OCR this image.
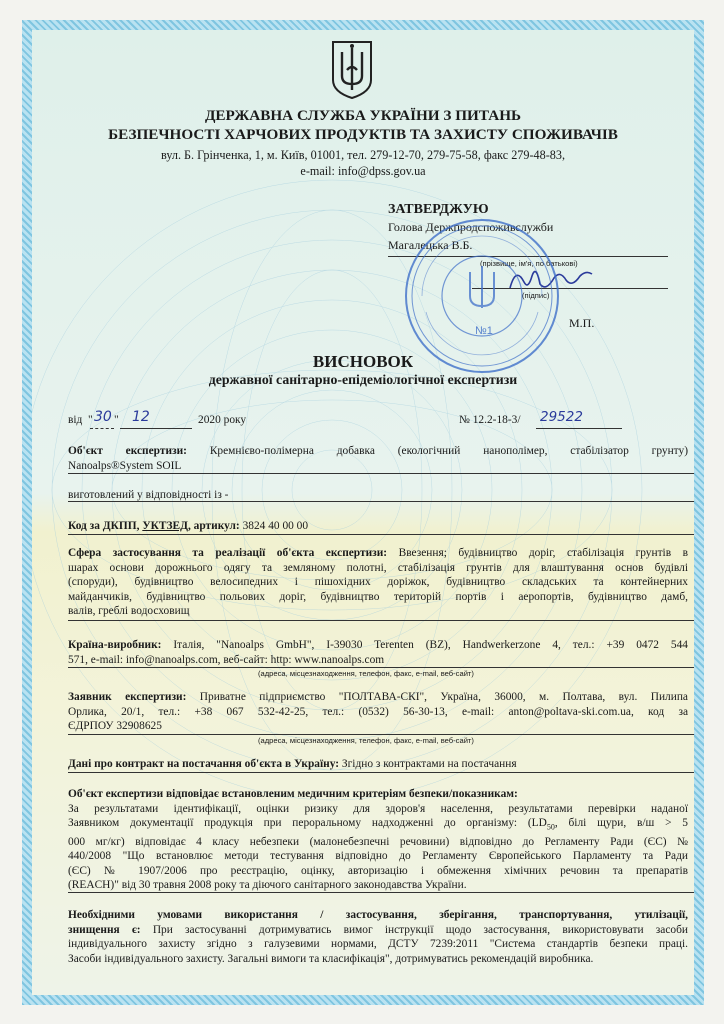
ДЕРЖАВНА СЛУЖБА УКРАЇНИ З ПИТАНЬ
БЕЗПЕЧНОСТІ ХАРЧОВИХ ПРОДУКТІВ ТА ЗАХИСТУ СПОЖИВАЧІВ
вул. Б. Грінченка, 1, м. Київ, 01001, тел. 279-12-70, 279-75-58, факс 279-48-83,
e-mail: info@dpss.gov.ua
ЗАТВЕРДЖУЮ
Голова Держпродспоживслужби
Магалецька В.Б.
(прізвище, ім'я, по батькові)
(підпис)
М.П.
№1
ВИСНОВОК
державної санітарно-епідеміологічної експертизи
від " 30 " 12	2020 року	№ 12.2-18-3/ 29522
Об'єкт експертизи: Кремнієво-полімерна добавка (екологічний нанополімер, стабілізатор грунту)
Nanoalps®System SOIL
виготовлений у відповідності із -
Код за ДКПП, УКТЗЕД, артикул: 3824 40 00 00
Сфера застосування та реалізації об'єкта експертизи: Ввезення; будівництво доріг, стабілізація грунтів в
шарах основи дорожнього одягу та земляному полотні, стабілізація грунтів для влаштування основ будівлі
(споруди), будівництво велосипедних і пішохідних доріжок, будівництво складських та контейнерних
майданчиків, будівництво польових доріг, будівництво територій портів і аеропортів, будівництво дамб,
валів, греблі водосховищ
Країна-виробник: Італія, "Nanoalps GmbH", I-39030 Terenten (BZ), Handwerkerzone 4, тел.: +39 0472 544
571, e-mail: info@nanoalps.com, веб-сайт: http: www.nanoalps.com
(адреса, місцезнаходження, телефон, факс, e-mail, веб-сайт)
Заявник експертизи: Приватне підприємство "ПОЛТАВА-СКІ", Україна, 36000, м. Полтава, вул. Пилипа
Орлика, 20/1, тел.: +38 067 532-42-25, тел.: (0532) 56-30-13, e-mail: anton@poltava-ski.com.ua, код за
ЄДРПОУ 32908625
(адреса, місцезнаходження, телефон, факс, e-mail, веб-сайт)
Дані про контракт на постачання об'єкта в Україну: Згідно з контрактами на постачання
Об'єкт експертизи відповідає встановленим медичним критеріям безпеки/показникам:
За результатами ідентифікації, оцінки ризику для здоров'я населення, результатами перевірки наданої
Заявником документації продукція при пероральному надходженні до організму: ($LD_{50}$, білі щури, в/ш > 5
000 мг/кг) відповідає 4 класу небезпеки (малонебезпечні речовини) відповідно до Регламенту Ради (ЄС) №
440/2008 "Що встановлює методи тестування відповідно до Регламенту Європейського Парламенту та Ради
(ЄС) № 1907/2006 про реєстрацію, оцінку, авторизацію і обмеження хімічних речовин та препаратів
(REACH)" від 30 травня 2008 року та діючого санітарного законодавства України.
Необхідними умовами використання / застосування, зберігання, транспортування, утилізації,
знищення є: При застосуванні дотримуватись вимог інструкції щодо застосування, використовувати засоби
індивідуального захисту згідно з галузевими нормами, ДСТУ 7239:2011 "Система стандартів безпеки праці.
Засоби індивідуального захисту. Загальні вимоги та класифікація", дотримуватись рекомендацій виробника.
